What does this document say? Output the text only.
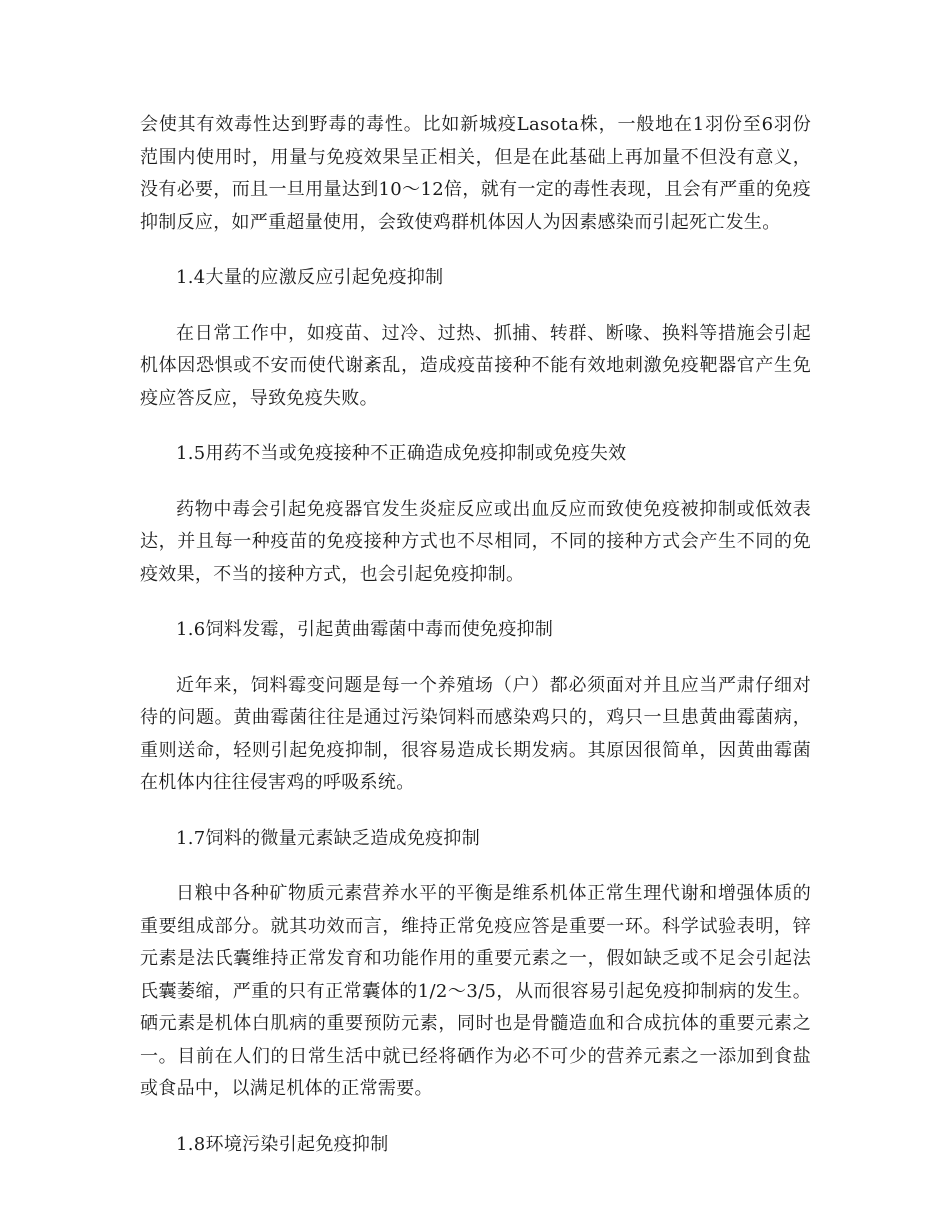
会使其有效毒性达到野毒的毒性。比如新城疫Lasota株，一般地在1羽份至6羽份范围内使用时，用量与免疫效果呈正相关，但是在此基础上再加量不但没有意义，没有必要，而且一旦用量达到10～12倍，就有一定的毒性表现，且会有严重的免疫抑制反应，如严重超量使用，会致使鸡群机体因人为因素感染而引起死亡发生。

1.4大量的应激反应引起免疫抑制

在日常工作中，如疫苗、过冷、过热、抓捕、转群、断喙、换料等措施会引起机体因恐惧或不安而使代谢紊乱，造成疫苗接种不能有效地刺激免疫靶器官产生免疫应答反应，导致免疫失败。

1.5用药不当或免疫接种不正确造成免疫抑制或免疫失效

药物中毒会引起免疫器官发生炎症反应或出血反应而致使免疫被抑制或低效表达，并且每一种疫苗的免疫接种方式也不尽相同，不同的接种方式会产生不同的免疫效果，不当的接种方式，也会引起免疫抑制。

1.6饲料发霉，引起黄曲霉菌中毒而使免疫抑制

近年来，饲料霉变问题是每一个养殖场（户）都必须面对并且应当严肃仔细对待的问题。黄曲霉菌往往是通过污染饲料而感染鸡只的，鸡只一旦患黄曲霉菌病，重则送命，轻则引起免疫抑制，很容易造成长期发病。其原因很简单，因黄曲霉菌在机体内往往侵害鸡的呼吸系统。

1.7饲料的微量元素缺乏造成免疫抑制

日粮中各种矿物质元素营养水平的平衡是维系机体正常生理代谢和增强体质的重要组成部分。就其功效而言，维持正常免疫应答是重要一环。科学试验表明，锌元素是法氏囊维持正常发育和功能作用的重要元素之一，假如缺乏或不足会引起法氏囊萎缩，严重的只有正常囊体的1/2～3/5，从而很容易引起免疫抑制病的发生。硒元素是机体白肌病的重要预防元素，同时也是骨髓造血和合成抗体的重要元素之一。目前在人们的日常生活中就已经将硒作为必不可少的营养元素之一添加到食盐或食品中，以满足机体的正常需要。

1.8环境污染引起免疫抑制
